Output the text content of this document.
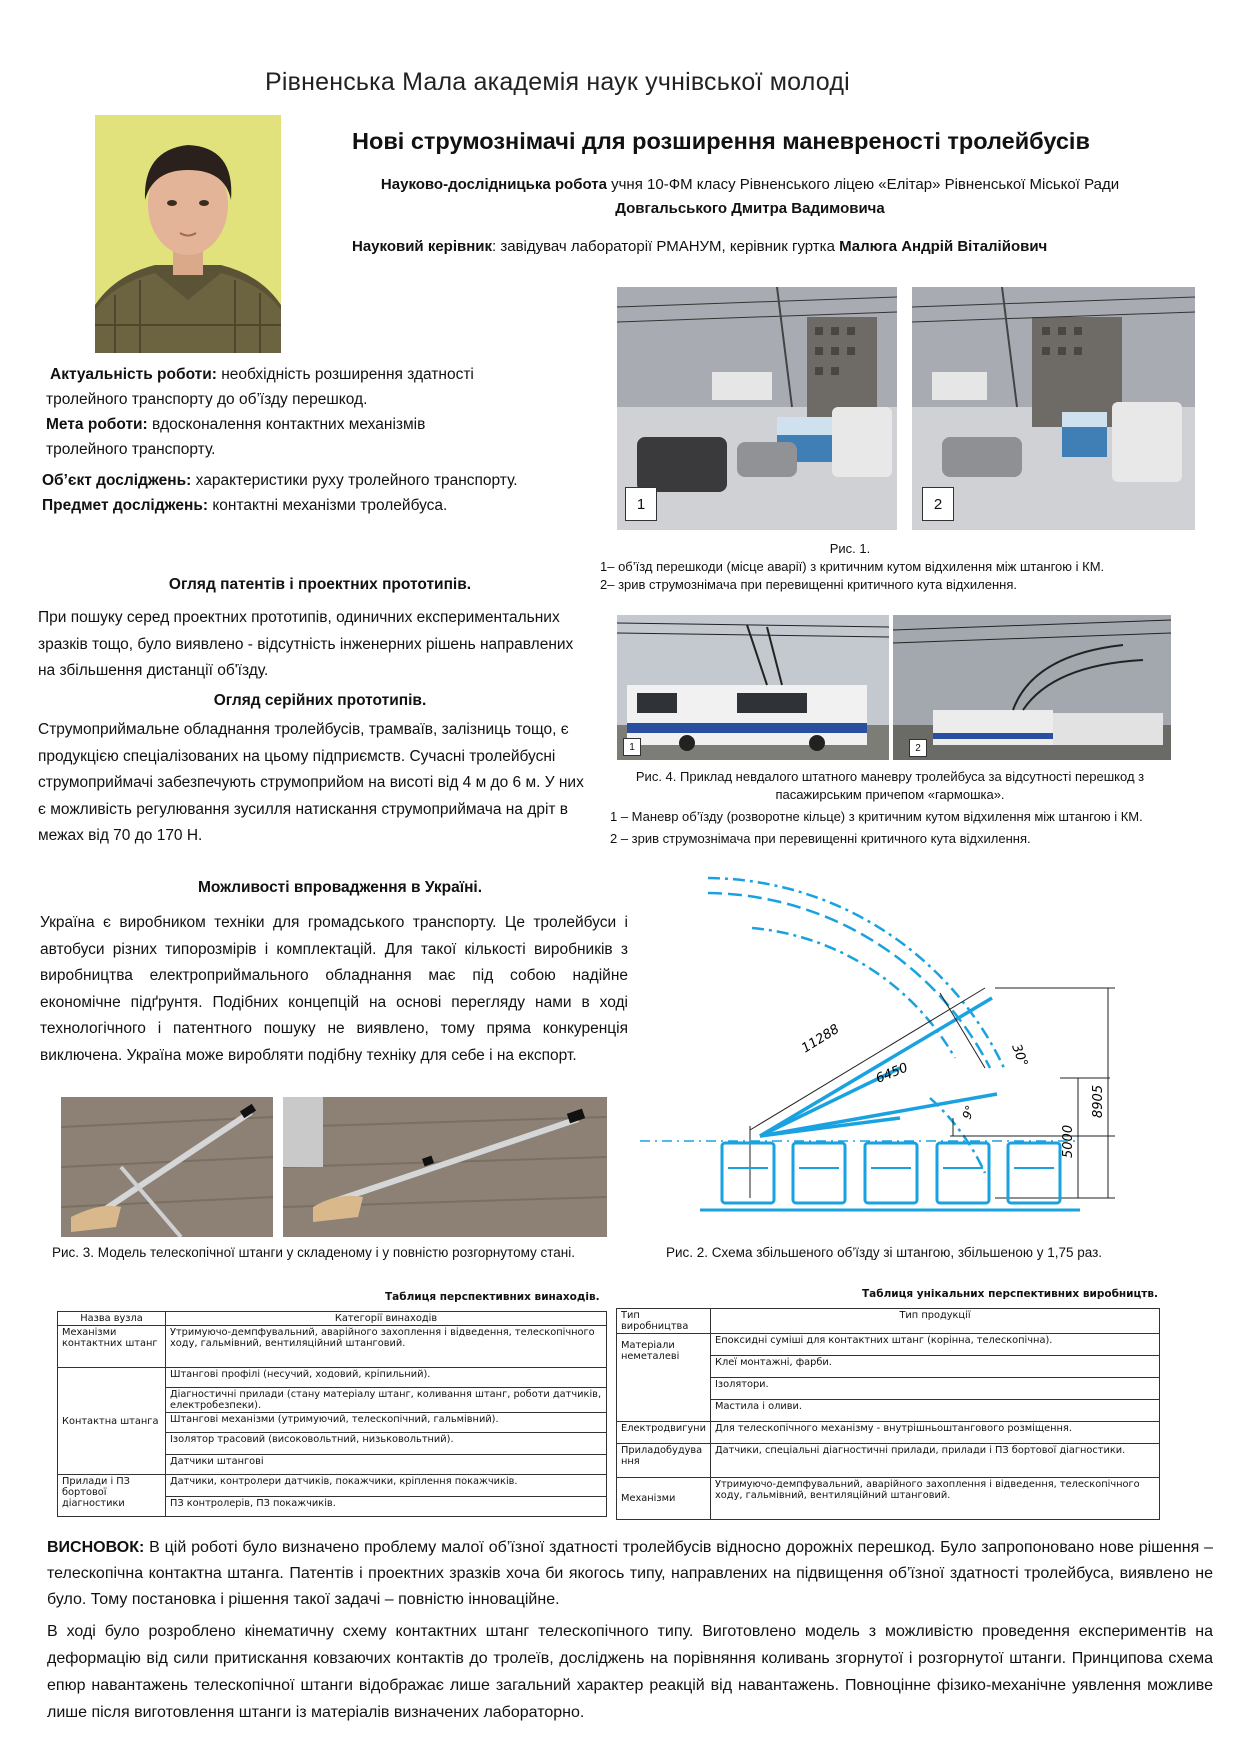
Рівненська Мала академія наук учнівської молоді
Нові струмознімачі для розширення маневреності тролейбусів
Науково-дослідницька робота учня 10-ФМ класу Рівненського ліцею «Елітар» Рівненської Міської Ради
Довгальського Дмитра Вадимовича
Науковий керівник: завідувач лабораторії РМАНУМ, керівник гуртка Малюга Андрій Віталійович
Актуальність роботи: необхідність розширення здатності
тролейного транспорту до об’їзду перешкод.
Мета роботи: вдосконалення контактних механізмів
тролейного транспорту.
Об’єкт досліджень: характеристики руху тролейного транспорту.
Предмет досліджень: контактні механізми тролейбуса.	1	2
Рис. 1.
1– об’їзд перешкоди (місце аварії) з критичним кутом відхилення між штангою і КМ.
2– зрив струмознімача при перевищенні критичного кута відхилення.
Огляд патентів і проектних прототипів.
При пошуку серед проектних прототипів, одиничних експериментальних зразків тощо, було виявлено - відсутність інженерних рішень направлених на збільшення дистанції об'їзду.
Огляд серійних прототипів.
Струмоприймальне обладнання тролейбусів, трамваїв, залізниць тощо, є продукцією спеціалізованих на цьому підприємств. Сучасні тролейбусні струмоприймачі забезпечують струмоприйом на висоті від 4 м до 6 м. У них є можливість регулювання зусилля натискання струмоприймача на дріт в межах від 70 до 170 Н.
1	2
Рис. 4. Приклад невдалого штатного маневру тролейбуса за відсутності перешкод з
пасажирським причепом «гармошка».
1 – Маневр об’їзду (розворотне кільце) з критичним кутом відхилення між штангою і КМ.
2 – зрив струмознімача при перевищенні критичного кута відхилення.
Можливості впровадження в Україні.
Україна є виробником техніки для громадського транспорту. Це тролейбуси і автобуси різних типорозмірів і комплектацій. Для такої кількості виробників з виробництва електроприймального обладнання має під собою надійне економічне підґрунтя. Подібних концепцій на основі перегляду нами в ході технологічного і патентного пошуку не виявлено, тому пряма конкуренція виключена. Україна може виробляти подібну техніку для себе і на експорт.
Рис. 3. Модель телескопічної штанги у складеному і у повністю розгорнутому стані.
11288
6450
30°
9°	8905
5000
Рис. 2. Схема збільшеного об’їзду зі штангою, збільшеною у 1,75 раз.
Таблиця перспективних винаходів.
Назва вузла	Категорії винаходів
Механізми контактних штанг	Утримуючо-демпфувальний, аварійного захоплення і відведення, телескопічного ходу, гальмівний, вентиляційний штанговий.
Контактна штанга	Штангові профілі (несучий, ходовий, кріпильний).
	Діагностичні прилади (стану матеріалу штанг, коливання штанг, роботи датчиків, електробезпеки).
	Штангові механізми (утримуючий, телескопічний, гальмівний).
	Ізолятор трасовий (високовольтний, низьковольтний).
	Датчики штангові
Прилади і ПЗ бортової діагностики	Датчики, контролери датчиків, покажчики, кріплення покажчиків.
	ПЗ контролерів, ПЗ покажчиків.
Таблиця унікальних перспективних виробництв.
Тип виробництва	Тип продукції
Матеріали неметалеві	Епоксидні суміші для контактних штанг (корінна, телескопічна).
	Клеї монтажні, фарби.
	Ізолятори.
	Мастила і оливи.
Електродвигуни	Для телескопічного механізму - внутрішньоштангового розміщення.
Приладобудування	Датчики, спеціальні діагностичні прилади, прилади і ПЗ бортової діагностики.
Механізми	Утримуючо-демпфувальний, аварійного захоплення і відведення, телескопічного ходу, гальмівний, вентиляційний штанговий.
ВИСНОВОК: В цій роботі було визначено проблему малої об’їзної здатності тролейбусів відносно дорожніх перешкод. Було запропоновано нове рішення – телескопічна контактна штанга. Патентів і проектних зразків хоча би якогось типу, направлених на підвищення об’їзної здатності тролейбуса, виявлено не було. Тому постановка і рішення такої задачі – повністю інноваційне.
В ході було розроблено кінематичну схему контактних штанг телескопічного типу. Виготовлено модель з можливістю проведення експериментів на деформацію від сили притискання ковзаючих контактів до тролеїв, досліджень на порівняння коливань згорнутої і розгорнутої штанги. Принципова схема епюр навантажень телескопічної штанги відображає лише загальний характер реакцій від навантажень. Повноцінне фізико-механічне уявлення можливе лише після виготовлення штанги із матеріалів визначених лабораторно.
